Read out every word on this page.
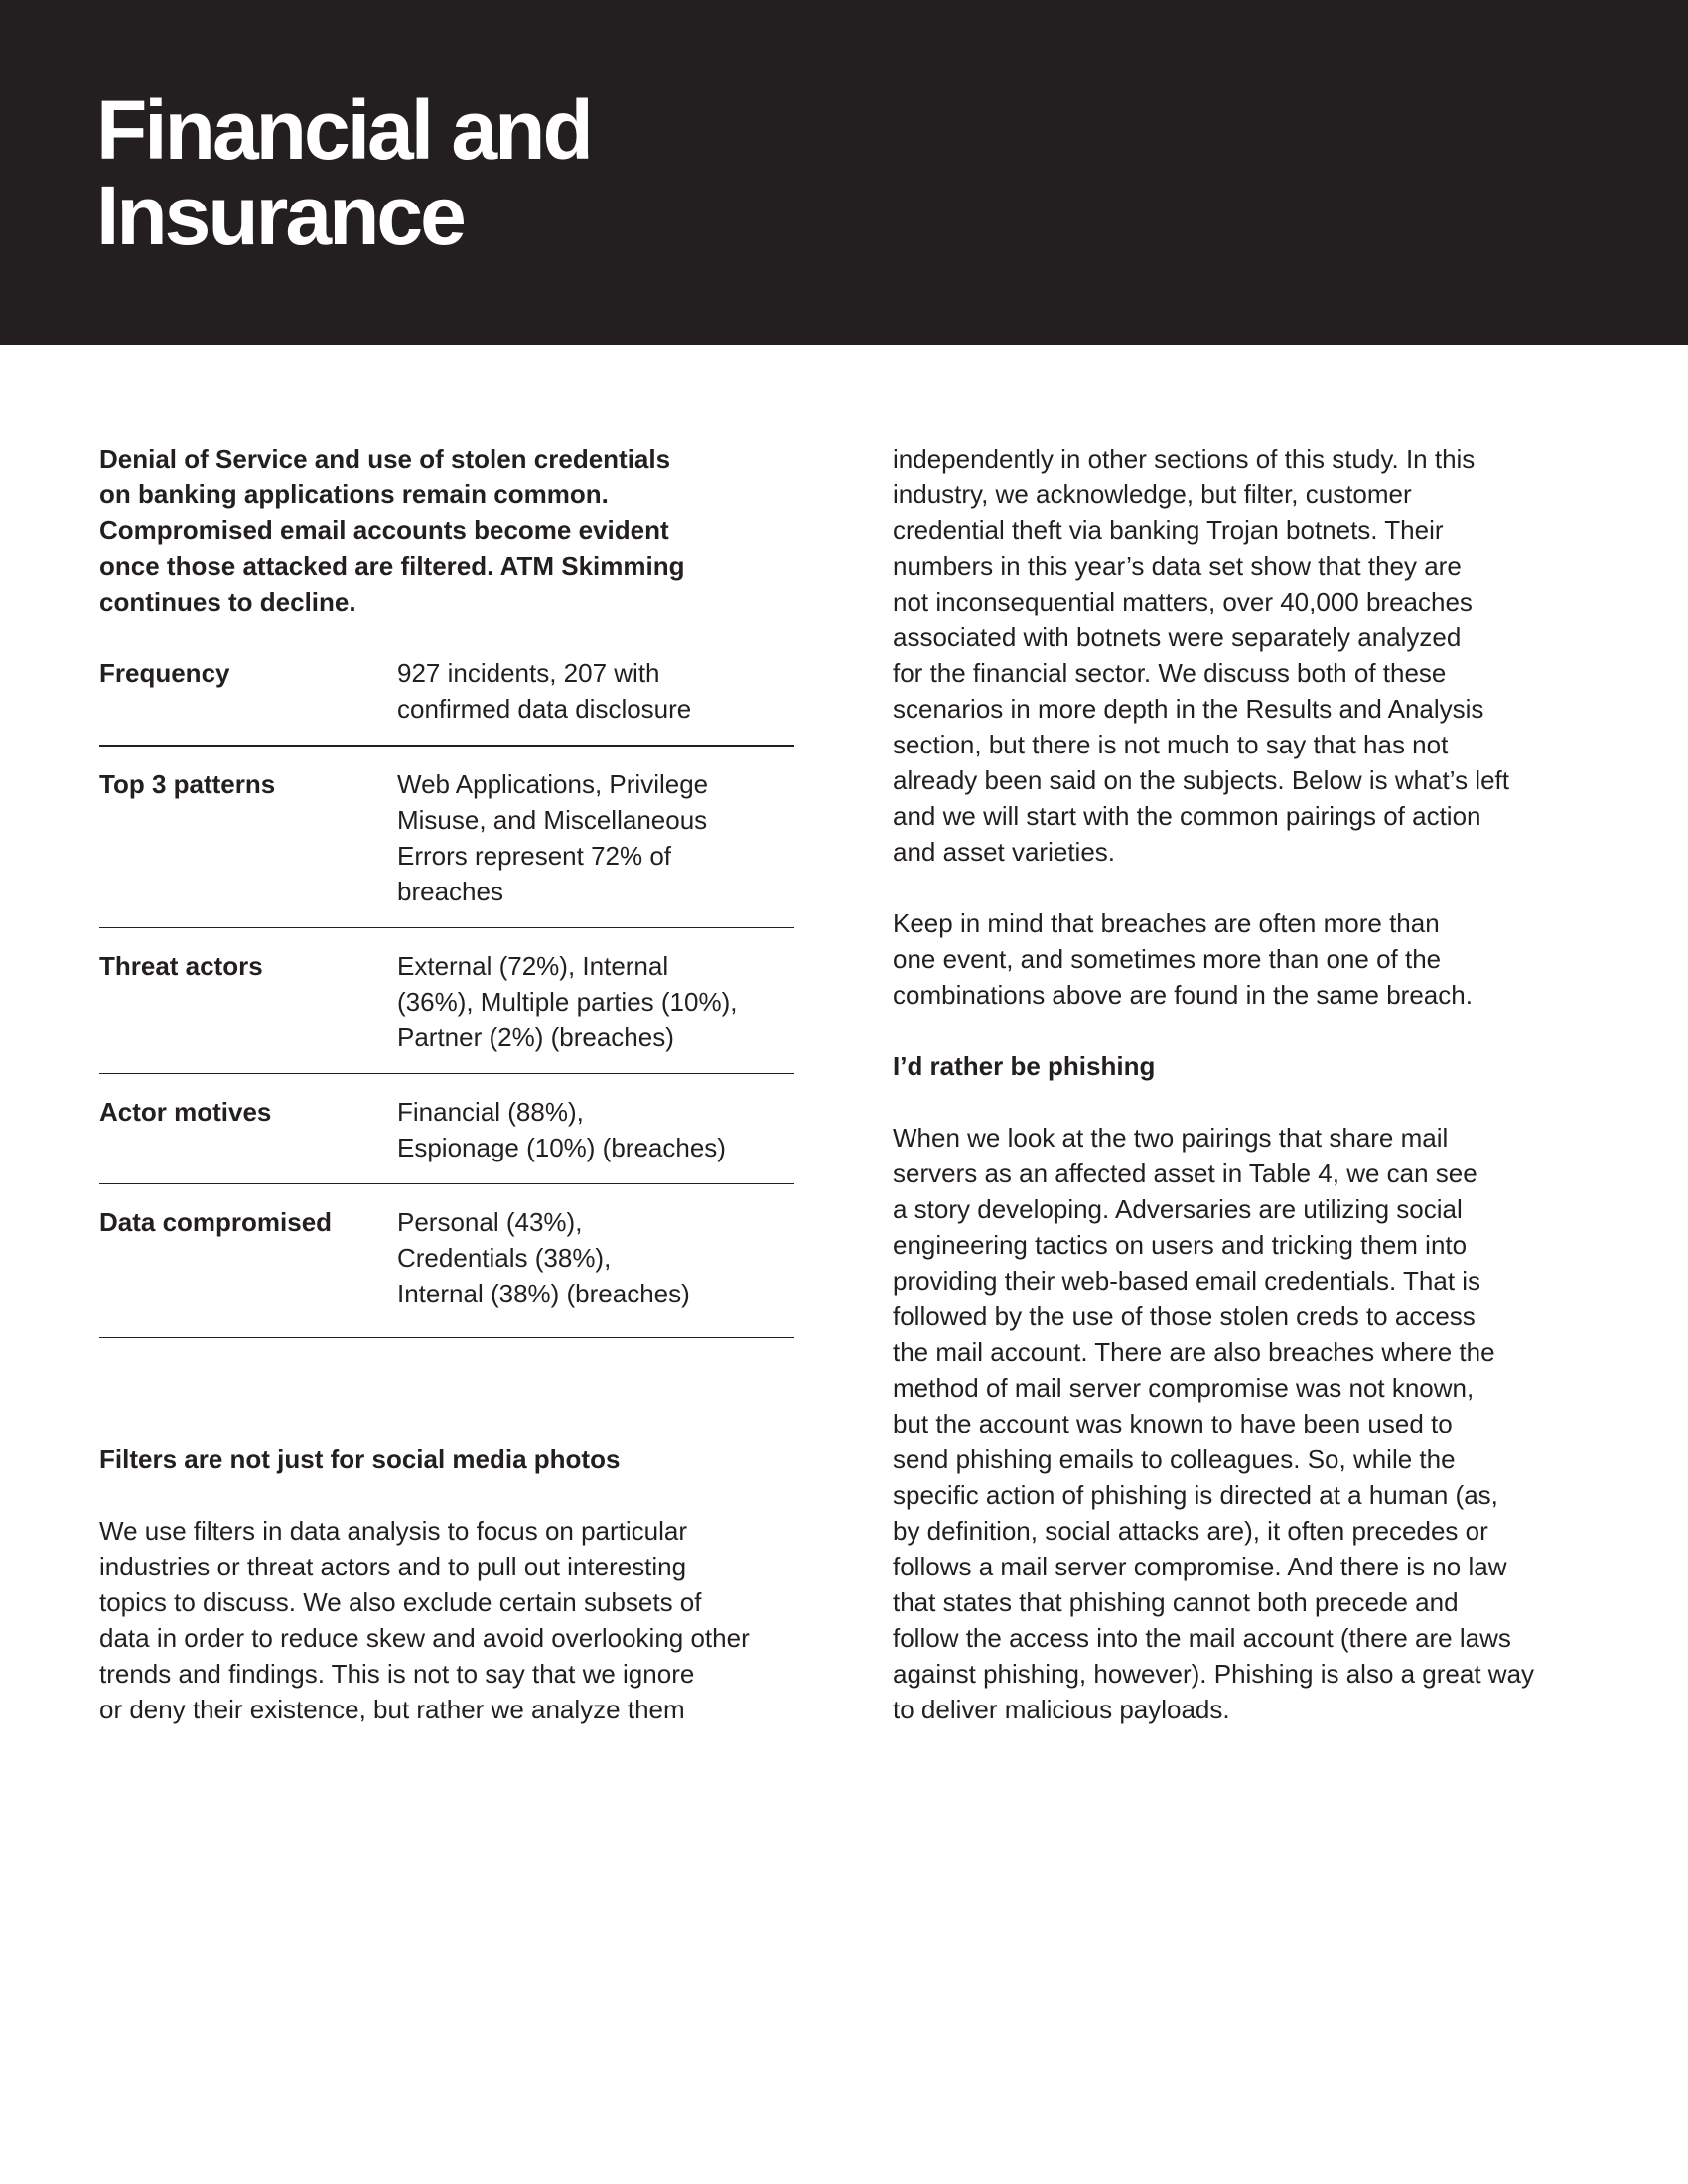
Financial and
Insurance

Denial of Service and use of stolen credentials
on banking applications remain common.
Compromised email accounts become evident
once those attacked are filtered. ATM Skimming
continues to decline.

Frequency	927 incidents, 207 with
confirmed data disclosure
Top 3 patterns	Web Applications, Privilege
Misuse, and Miscellaneous
Errors represent 72% of
breaches
Threat actors	External (72%), Internal
(36%), Multiple parties (10%),
Partner (2%) (breaches)
Actor motives	Financial (88%),
Espionage (10%) (breaches)
Data compromised	Personal (43%),
Credentials (38%),
Internal (38%) (breaches)

Filters are not just for social media photos

We use filters in data analysis to focus on particular
industries or threat actors and to pull out interesting
topics to discuss. We also exclude certain subsets of
data in order to reduce skew and avoid overlooking other
trends and findings. This is not to say that we ignore
or deny their existence, but rather we analyze them

independently in other sections of this study. In this
industry, we acknowledge, but filter, customer
credential theft via banking Trojan botnets. Their
numbers in this year’s data set show that they are
not inconsequential matters, over 40,000 breaches
associated with botnets were separately analyzed
for the financial sector. We discuss both of these
scenarios in more depth in the Results and Analysis
section, but there is not much to say that has not
already been said on the subjects. Below is what’s left
and we will start with the common pairings of action
and asset varieties.

Keep in mind that breaches are often more than
one event, and sometimes more than one of the
combinations above are found in the same breach.

I’d rather be phishing

When we look at the two pairings that share mail
servers as an affected asset in Table 4, we can see
a story developing. Adversaries are utilizing social
engineering tactics on users and tricking them into
providing their web-based email credentials. That is
followed by the use of those stolen creds to access
the mail account. There are also breaches where the
method of mail server compromise was not known,
but the account was known to have been used to
send phishing emails to colleagues. So, while the
specific action of phishing is directed at a human (as,
by definition, social attacks are), it often precedes or
follows a mail server compromise. And there is no law
that states that phishing cannot both precede and
follow the access into the mail account (there are laws
against phishing, however). Phishing is also a great way
to deliver malicious payloads.
